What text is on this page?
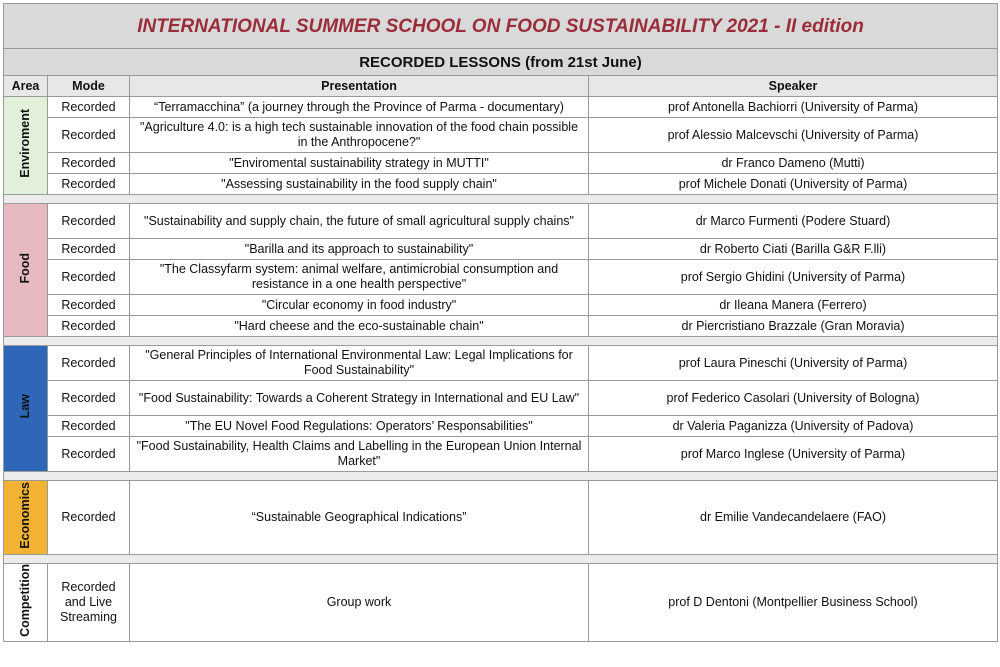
INTERNATIONAL SUMMER SCHOOL ON FOOD SUSTAINABILITY 2021 - II edition			
RECORDED LESSONS (from 21st June)			
Area	Mode	Presentation	Speaker
Enviroment	Recorded	“Terramacchina” (a journey through the Province of Parma - documentary)	prof Antonella Bachiorri (University of Parma)
	Recorded	"Agriculture 4.0: is a high tech sustainable innovation of the food chain possible in the Anthropocene?"	prof Alessio Malcevschi (University of Parma)
	Recorded	"Enviromental sustainability strategy in MUTTI"	dr Franco Dameno (Mutti)
	Recorded	"Assessing sustainability in the food supply chain"	prof Michele Donati (University of Parma)

Food	Recorded	"Sustainability and supply chain, the future of small agricultural supply chains"	dr Marco Furmenti (Podere Stuard)
	Recorded	"Barilla and its approach to sustainability"	dr Roberto Ciati (Barilla G&R F.lli)
	Recorded	"The Classyfarm system: animal welfare, antimicrobial consumption and resistance in a one health perspective"	prof Sergio Ghidini (University of Parma)
	Recorded	"Circular economy in food industry"	dr Ileana Manera (Ferrero)
	Recorded	"Hard cheese and the eco-sustainable chain"	dr Piercristiano Brazzale (Gran Moravia)

Law	Recorded	"General Principles of International Environmental Law: Legal Implications for Food Sustainability"	prof Laura Pineschi (University of Parma)
	Recorded	"Food Sustainability: Towards a Coherent Strategy in International and EU Law"	prof Federico Casolari (University of Bologna)
	Recorded	"The EU Novel Food Regulations: Operators’ Responsabilities"	dr Valeria Paganizza (University of Padova)
	Recorded	"Food Sustainability, Health Claims and Labelling in the European Union Internal Market"	prof Marco Inglese (University of Parma)

Economics	Recorded	“Sustainable Geographical Indications”	dr Emilie Vandecandelaere (FAO)

Competition	Recorded and Live Streaming	Group work	prof D Dentoni (Montpellier Business School)
